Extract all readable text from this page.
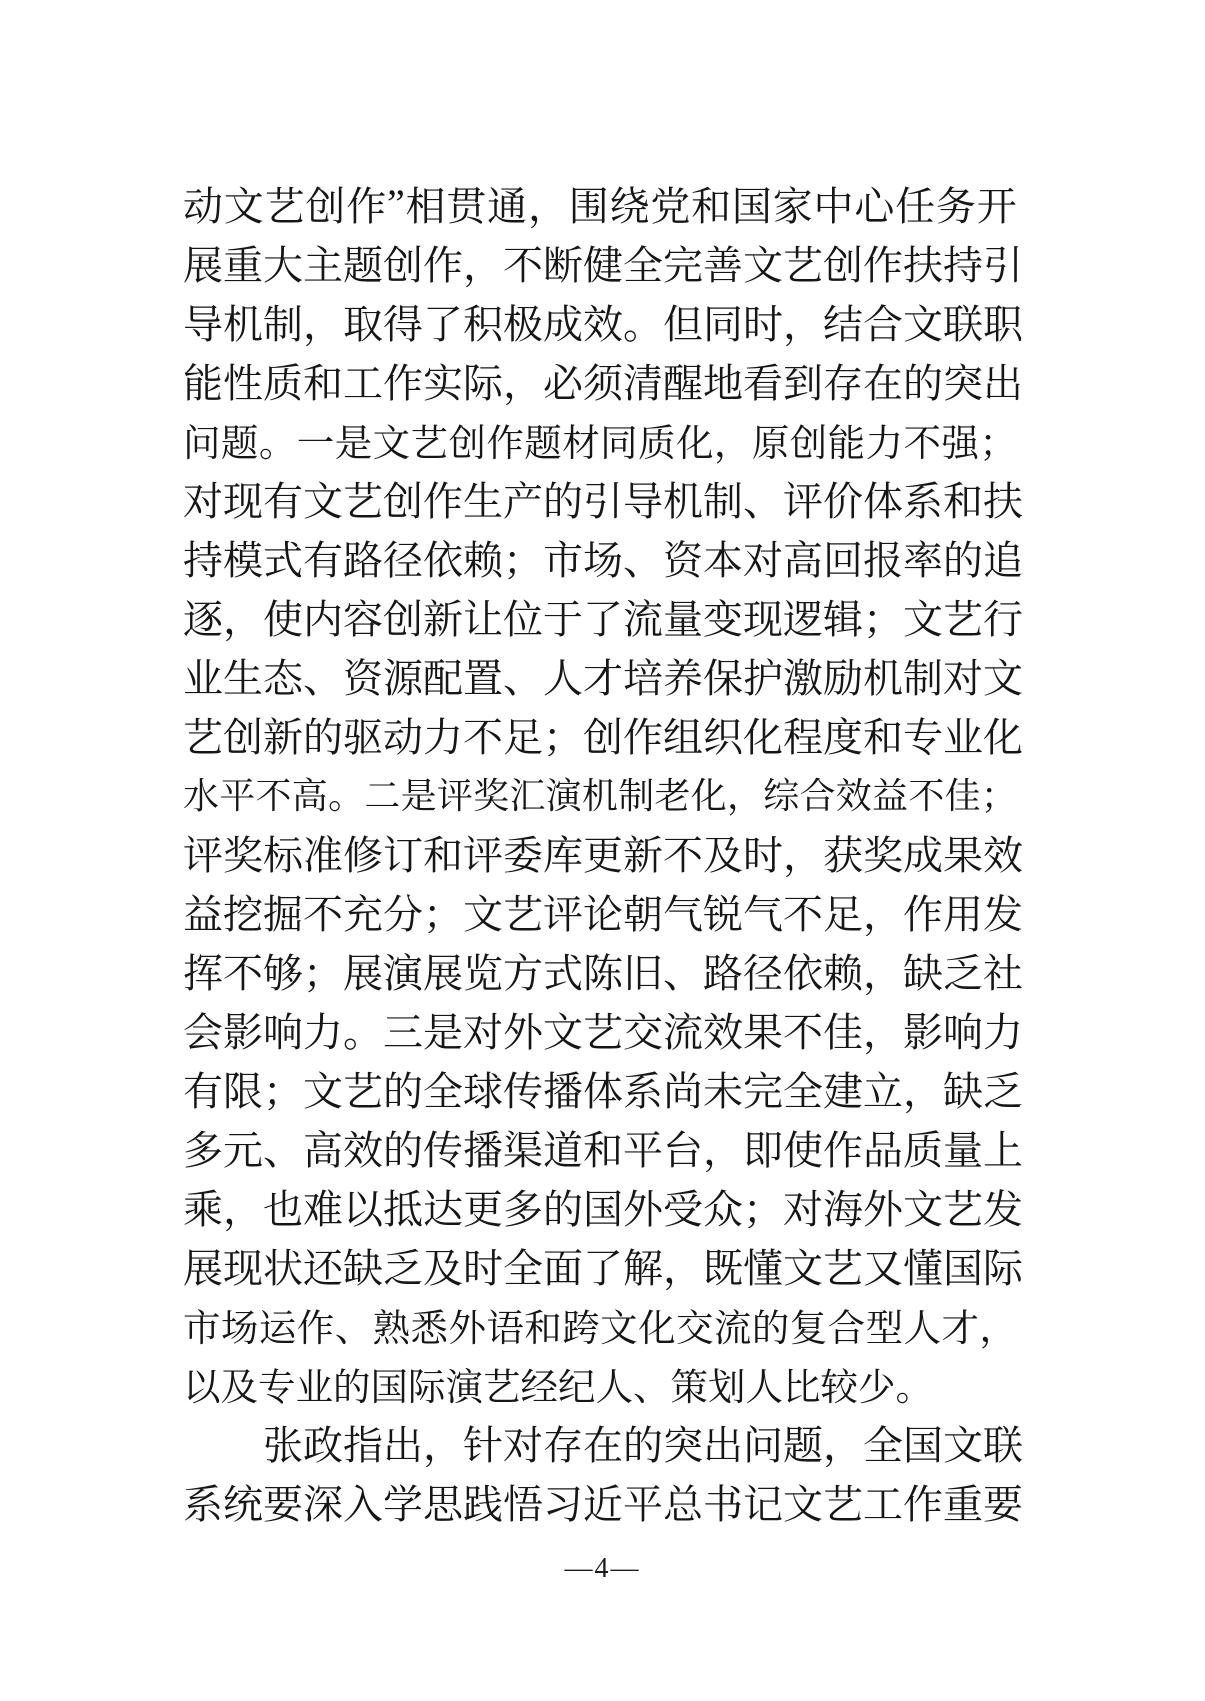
动 文 艺 创 作 ” 相 贯 通 ， 围 绕 党 和 国 家 中 心 任 务 开
展 重 大 主 题 创 作 ， 不 断 健 全 完 善 文 艺 创 作 扶 持 引
导 机 制 ， 取 得 了 积 极 成 效 。 但 同 时 ， 结 合 文 联 职
能 性 质 和 工 作 实 际 ， 必 须 清 醒 地 看 到 存 在 的 突 出
问 题 。 一 是 文 艺 创 作 题 材 同 质 化 ， 原 创 能 力 不 强 ；
对 现 有 文 艺 创 作 生 产 的 引 导 机 制 、 评 价 体 系 和 扶
持 模 式 有 路 径 依 赖 ； 市 场 、 资 本 对 高 回 报 率 的 追
逐 ， 使 内 容 创 新 让 位 于 了 流 量 变 现 逻 辑 ； 文 艺 行
业 生 态 、 资 源 配 置 、 人 才 培 养 保 护 激 励 机 制 对 文
艺 创 新 的 驱 动 力 不 足 ； 创 作 组 织 化 程 度 和 专 业 化
水 平 不 高 。 二 是 评 奖 汇 演 机 制 老 化 ， 综 合 效 益 不 佳 ；
评 奖 标 准 修 订 和 评 委 库 更 新 不 及 时 ， 获 奖 成 果 效
益 挖 掘 不 充 分 ； 文 艺 评 论 朝 气 锐 气 不 足 ， 作 用 发
挥 不 够 ； 展 演 展 览 方 式 陈 旧 、 路 径 依 赖 ， 缺 乏 社
会 影 响 力 。 三 是 对 外 文 艺 交 流 效 果 不 佳 ， 影 响 力
有 限 ； 文 艺 的 全 球 传 播 体 系 尚 未 完 全 建 立 ， 缺 乏
多 元 、 高 效 的 传 播 渠 道 和 平 台 ， 即 使 作 品 质 量 上
乘 ， 也 难 以 抵 达 更 多 的 国 外 受 众 ； 对 海 外 文 艺 发
展 现 状 还 缺 乏 及 时 全 面 了 解 ， 既 懂 文 艺 又 懂 国 际
市 场 运 作 、 熟 悉 外 语 和 跨 文 化 交 流 的 复 合 型 人 才 ，
以 及 专 业 的 国 际 演 艺 经 纪 人 、 策 划 人 比 较 少 。

张 政 指 出 ， 针 对 存 在 的 突 出 问 题 ， 全 国 文 联
系 统 要 深 入 学 思 践 悟 习 近 平 总 书 记 文 艺 工 作 重 要
—4—
